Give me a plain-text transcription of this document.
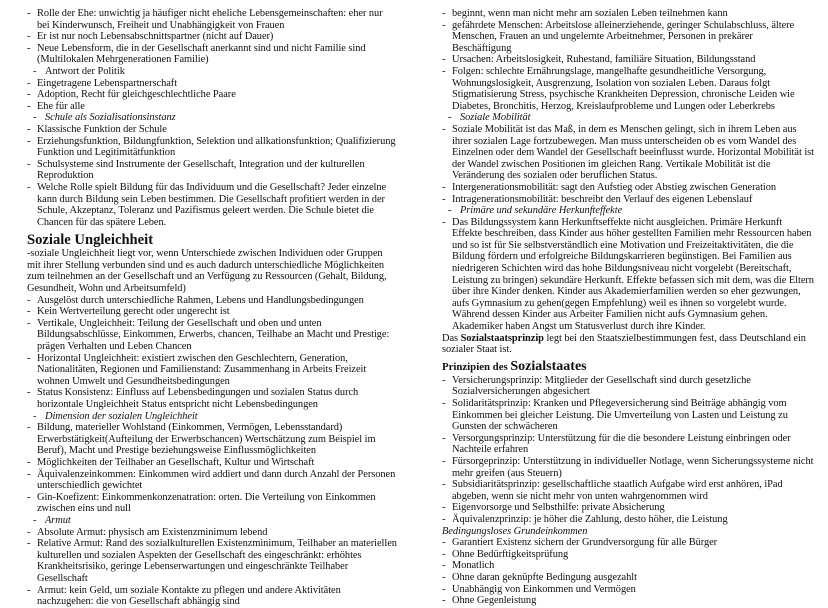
- Rolle der Ehe: unwichtig ja häufiger nicht eheliche Lebensgemeinschaften: eher nur bei Kinderwunsch, Freiheit und Unabhängigkeit von Frauen
- Er ist nur noch Lebensabschnittspartner (nicht auf Dauer)
- Neue Lebensform, die in der Gesellschaft anerkannt sind und nicht Familie sind (Multilokalen Mehrgenerationen Familie)
- Antwort der Politik
- Eingetragene Lebenspartnerschaft
- Adoption, Recht für gleichgeschlechtliche Paare
- Ehe für alle
- Schule als Sozialisationsinstanz
- Klassische Funktion der Schule
- Erziehungsfunktion, Bildungfunktion, Selektion und allkationsfunktion; Qualifizierung Funktion und Legitimitätfunktion
- Schulsysteme sind Instrumente der Gesellschaft, Integration und der kulturellen Reproduktion
- Welche Rolle spielt Bildung für das Individuum und die Gesellschaft? Jeder einzelne kann durch Bildung sein Leben bestimmen. Die Gesellschaft profitiert werden in der Schule, Akzeptanz, Toleranz und Pazifismus geleert werden. Die Schule bietet die Chancen für das spätere Leben.
Soziale Ungleichheit
-soziale Ungleichheit liegt vor, wenn Unterschiede zwischen Individuen oder Gruppen mit ihrer Stellung verbunden sind und es auch dadurch unterschiedliche Möglichkeiten zum teilnehmen an der Gesellschaft und an Verfügung zu Ressourcen (Gehalt, Bildung, Gesundheit, Wohn und Arbeitsumfeld)
- Ausgelöst durch unterschiedliche Rahmen, Lebens und Handlungsbedingungen
- Kein Wertverteilung gerecht oder ungerecht ist
- Vertikale, Ungleichheit: Teilung der Gesellschaft und oben und unten Bildungsabschlüsse, Einkommen, Erwerbs, chancen, Teilhabe an Macht und Prestige: prägen Verhalten und Leben Chancen
- Horizontal Ungleichheit: existiert zwischen den Geschlechtern, Generation, Nationalitäten, Regionen und Familienstand: Zusammenhang in Arbeits Freizeit wohnen Umwelt und Gesundheitsbedingungen
- Status Konsistenz: Einfluss auf Lebensbedingungen und sozialen Status durch horizontale Ungleichheit Status entspricht nicht Lebensbedingungen
- Dimension der sozialen Ungleichheit
- Bildung, materieller Wohlstand (Einkommen, Vermögen, Lebensstandard) Erwerbstätigkeit(Aufteilung der Erwerbschancen) Wertschätzung zum Beispiel im Beruf), Macht und Prestige beziehungsweise Einflussmöglichkeiten
- Möglichkeiten der Teilhaber an Gesellschaft, Kultur und Wirtschaft
- Äquivalenzeinkommen: Einkommen wird addiert und dann durch Anzahl der Personen unterschiedlich gewichtet
- Gin-Koefizent: Einkommenkonzenatration: orten. Die Verteilung von Einkommen zwischen eins und null
- Armut
- Absolute Armut: physisch am Existenzminimum lebend
- Relative Armut: Rand des sozialkulturellen Existenzminimum, Teilhaber an materiellen kulturellen und sozialen Aspekten der Gesellschaft des eingeschränkt: erhöhtes Krankheitsrisiko, geringe Lebenserwartungen und eingeschränkte Teilhaber Gesellschaft
- Armut: kein Geld, um soziale Kontakte zu pflegen und andere Aktivitäten nachzugehen: die von Gesellschaft abhängig sind
- beginnt, wenn man nicht mehr am sozialen Leben teilnehmen kann
- gefährdete Menschen: Arbeitslose alleinerziehende, geringer Schulabschluss, ältere Menschen, Frauen an und ungelernte Arbeitnehmer, Personen in prekärer Beschäftigung
- Ursachen: Arbeitslosigkeit, Ruhestand, familiäre Situation, Bildungsstand
- Folgen: schlechte Ernährungslage, mangelhafte gesundheitliche Versorgung, Wohnungslosigkeit, Ausgrenzung, Isolation von sozialen Leben. Daraus folgt Stigmatisierung Stress, psychische Krankheiten Depression, chronische Leiden wie Diabetes, Bronchitis, Herzog, Kreislaufprobleme und Lungen oder Leberkrebs
- Soziale Mobilität
- Soziale Mobilität ist das Maß, in dem es Menschen gelingt, sich in ihrem Leben aus ihrer sozialen Lage fortzubewegen. Man muss unterscheiden ob es vom Wandel des Einzelnen oder dem Wandel der Gesellschaft beeinflusst wurde. Horizontal Mobilität ist der Wandel zwischen Positionen im gleichen Rang. Vertikale Mobilität ist die Veränderung des sozialen oder beruflichen Status.
- Intergenerationsmobilität: sagt den Aufstieg oder Abstieg zwischen Generation
- Intragenerationsmobilität: beschreibt den Verlauf des eigenen Lebenslauf
- Primäre und sekundäre Herkunfteffekte
- Das Bildungssystem kann Herkunftseffekte nicht ausgleichen. Primäre Herkunft Effekte beschreiben, dass Kinder aus höher gestellten Familien mehr Ressourcen haben und so ist für Sie selbstverständlich eine Motivation und Freizeitaktivitäten, die die Bildung fördern und erfolgreiche Bildungskarrieren begünstigen. Bei Familien aus niedrigeren Schichten wird das hohe Bildungsniveau nicht vorgelebt (Bereitschaft, Leistung zu bringen) sekundäre Herkunft. Effekte befassen sich mit dem, was die Eltern über ihre Kinder denken. Kinder aus Akademierfamilien werden so eher gezwungen, aufs Gymnasium zu gehen(gegen Empfehlung) weil es ihnen so vorgelebt wurde. Während dessen Kinder aus Arbeiter Familien nicht aufs Gymnasium gehen. Akademiker haben Angst um Statusverlust durch ihre Kinder.
Das Sozialstaatsprinzip legt bei den Staatszielbestimmungen fest, dass Deutschland ein sozialer Staat ist.
Prinzipien des Sozialstaates
- Versicherungsprinzip: Mitglieder der Gesellschaft sind durch gesetzliche Sozialversicherungen abgesichert
- Solidaritätsprinzip: Kranken und Pflegeversicherung sind Beiträge abhängig vom Einkommen bei gleicher Leistung. Die Umverteilung von Lasten und Leistung zu Gunsten der schwächeren
- Versorgungsprinzip: Unterstützung für die die besondere Leistung einbringen oder Nachteile erfahren
- Fürsorgeprinzip: Unterstützung in individueller Notlage, wenn Sicherungssysteme nicht mehr greifen (aus Steuern)
- Subsidiaritätsprinzip: gesellschaftliche staatlich Aufgabe wird erst anhören, iPad abgeben, wenn sie nicht mehr von unten wahrgenommen wird
- Eigenvorsorge und Selbsthilfe: private Absicherung
- Äquivalenzprinzip: je höher die Zahlung, desto höher, die Leistung
Bedingungsloses Grundeinkommen
- Garantiert Existenz sichern der Grundversorgung für alle Bürger
- Ohne Bedürftigkeitsprüfung
- Monatlich
- Ohne daran geknüpfte Bedingung ausgezahlt
- Unabhängig von Einkommen und Vermögen
- Ohne Gegenleistung
